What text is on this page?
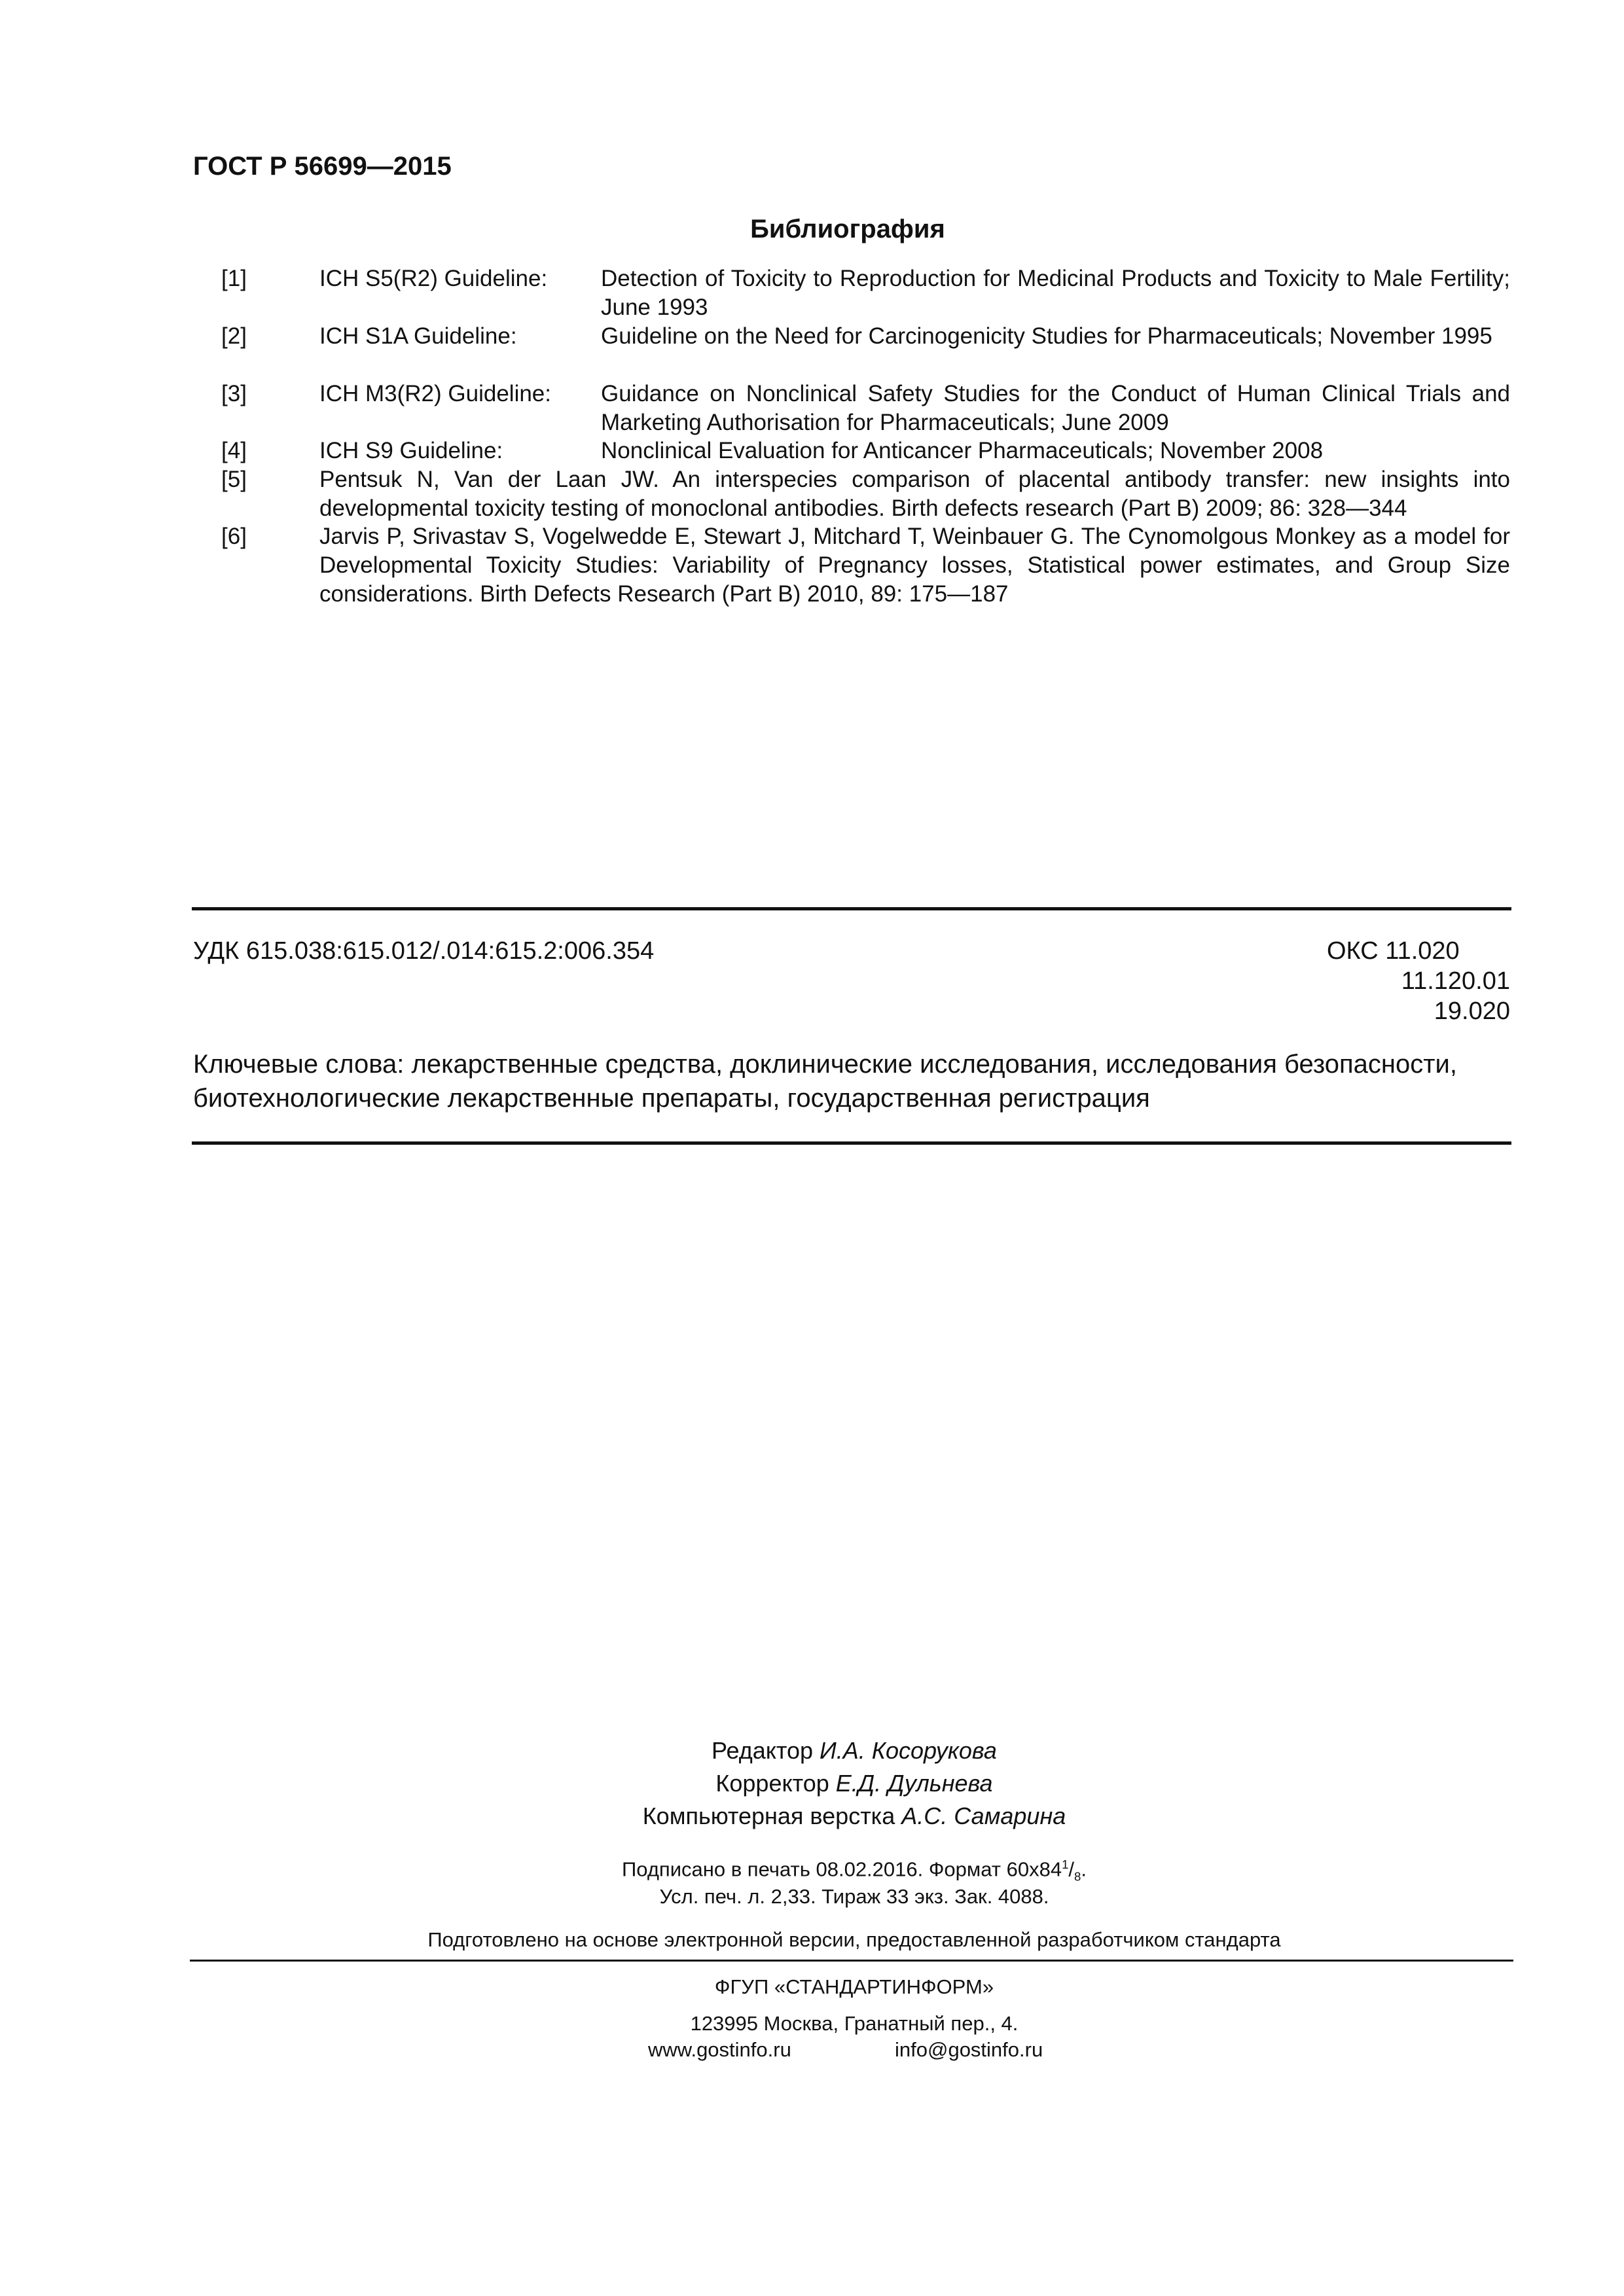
ГОСТ Р 56699—2015
Библиография
[1]	ICH S5(R2) Guideline: Detection of Toxicity to Reproduction for Medicinal Products and Toxicity to Male Fertility; June 1993
[2]	ICH S1A Guideline:	Guideline on the Need for Carcinogenicity Studies for Pharmaceuticals; November 1995
[3]	ICH M3(R2) Guideline: Guidance on Nonclinical Safety Studies for the Conduct of Human Clinical Trials and Marketing Authorisation for Pharmaceuticals; June 2009
[4]	ICH S9 Guideline:	Nonclinical Evaluation for Anticancer Pharmaceuticals; November 2008
[5]	Pentsuk N, Van der Laan JW. An interspecies comparison of placental antibody transfer: new insights into developmental toxicity testing of monoclonal antibodies. Birth defects research (Part B) 2009; 86: 328—344
[6]	Jarvis P, Srivastav S, Vogelwedde E, Stewart J, Mitchard T, Weinbauer G. The Cynomolgous Monkey as a model for Developmental Toxicity Studies: Variability of Pregnancy losses, Statistical power estimates, and Group Size considerations. Birth Defects Research (Part B) 2010, 89: 175—187
УДК 615.038:615.012/.014:615.2:006.354	ОКС 11.020
11.120.01
19.020
Ключевые слова: лекарственные средства, доклинические исследования, исследования безопасности, биотехнологические лекарственные препараты, государственная регистрация
Редактор И.А. Косорукова
Корректор Е.Д. Дульнева
Компьютерная верстка А.С. Самарина
Подписано в печать 08.02.2016. Формат $60x84^1/_8$.
Усл. печ. л. 2,33. Тираж 33 экз. Зак. 4088.
Подготовлено на основе электронной версии, предоставленной разработчиком стандарта
ФГУП «СТАНДАРТИНФОРМ»
123995 Москва, Гранатный пер., 4.
www.gostinfo.ru	info@gostinfo.ru
